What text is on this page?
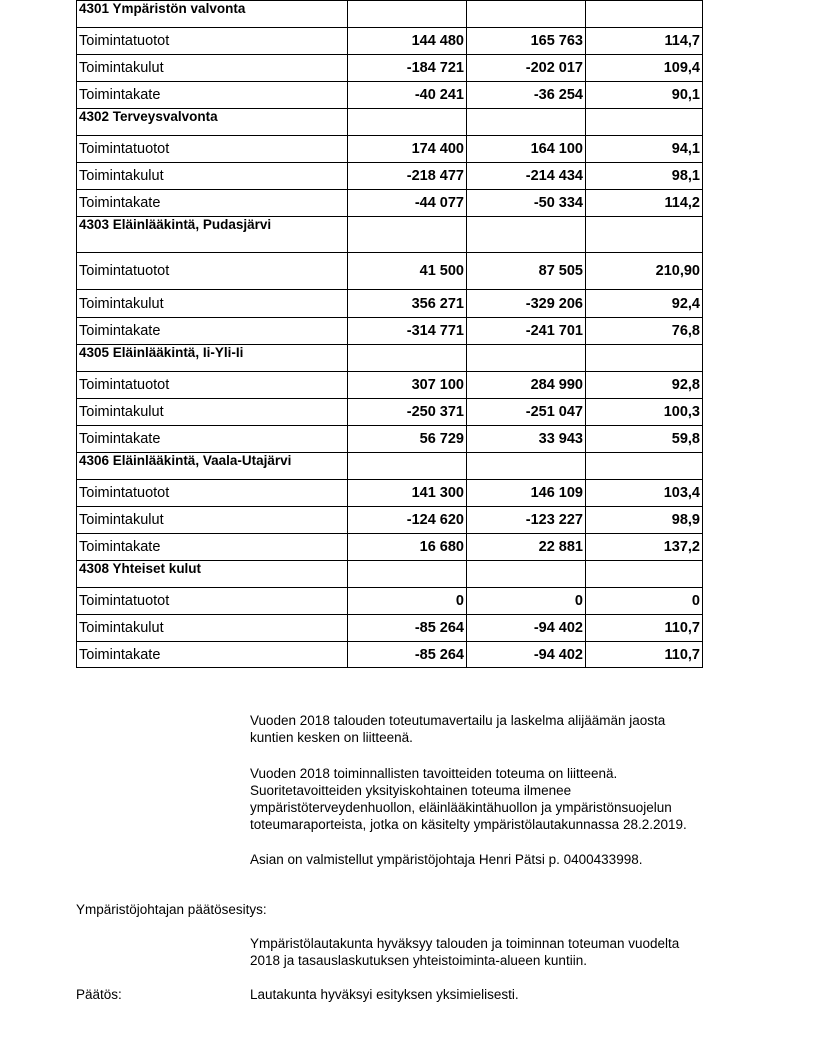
4301 Ympäristön valvonta			
Toimintatuotot	144 480	165 763	114,7
Toimintakulut	-184 721	-202 017	109,4
Toimintakate	-40 241	-36 254	90,1
4302 Terveysvalvonta			
Toimintatuotot	174 400	164 100	94,1
Toimintakulut	-218 477	-214 434	98,1
Toimintakate	-44 077	-50 334	114,2
4303 Eläinlääkintä, Pudasjärvi			
Toimintatuotot	41 500	87 505	210,90
Toimintakulut	356 271	-329 206	92,4
Toimintakate	-314 771	-241 701	76,8
4305 Eläinlääkintä, Ii-Yli-Ii			
Toimintatuotot	307 100	284 990	92,8
Toimintakulut	-250 371	-251 047	100,3
Toimintakate	56 729	33 943	59,8
4306 Eläinlääkintä, Vaala-Utajärvi			
Toimintatuotot	141 300	146 109	103,4
Toimintakulut	-124 620	-123 227	98,9
Toimintakate	16 680	22 881	137,2
4308 Yhteiset kulut			
Toimintatuotot	0	0	0
Toimintakulut	-85 264	-94 402	110,7
Toimintakate	-85 264	-94 402	110,7

Vuoden 2018 talouden toteutumavertailu ja laskelma alijäämän jaosta
kuntien kesken on liitteenä.

Vuoden 2018 toiminnallisten tavoitteiden toteuma on liitteenä.
Suoritetavoitteiden yksityiskohtainen toteuma ilmenee
ympäristöterveydenhuollon, eläinlääkintähuollon ja ympäristönsuojelun
toteumaraporteista, jotka on käsitelty ympäristölautakunnassa 28.2.2019.

Asian on valmistellut ympäristöjohtaja Henri Pätsi p. 0400433998.

Ympäristöjohtajan päätösesitys:

Ympäristölautakunta hyväksyy talouden ja toiminnan toteuman vuodelta
2018 ja tasauslaskutuksen yhteistoiminta-alueen kuntiin.

Päätös:	Lautakunta hyväksyi esityksen yksimielisesti.
